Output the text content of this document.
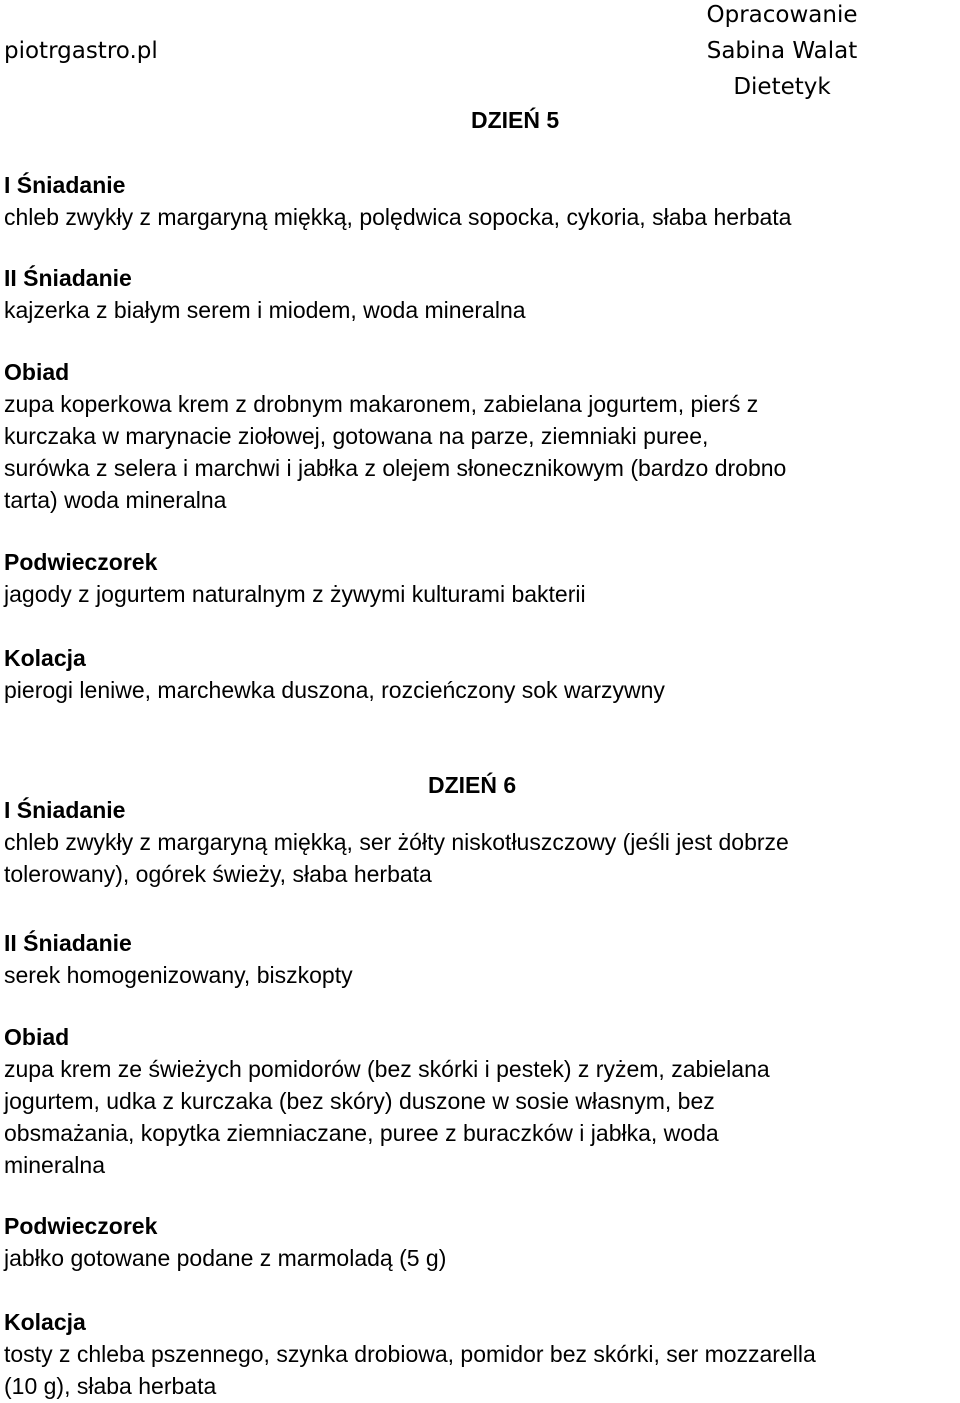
piotrgastro.pl
Opracowanie
Sabina Walat
Dietetyk
DZIEŃ 5
I Śniadanie
chleb zwykły z margaryną miękką, polędwica sopocka, cykoria, słaba herbata
II Śniadanie
kajzerka z białym serem i miodem, woda mineralna
Obiad
zupa koperkowa krem z drobnym makaronem, zabielana jogurtem, pierś z
kurczaka w marynacie ziołowej, gotowana na parze, ziemniaki puree,
surówka z selera i marchwi i jabłka z olejem słonecznikowym (bardzo drobno
tarta) woda mineralna
Podwieczorek
jagody z jogurtem naturalnym z żywymi kulturami bakterii
Kolacja
pierogi leniwe, marchewka duszona, rozcieńczony sok warzywny
DZIEŃ 6
I Śniadanie
chleb zwykły z margaryną miękką, ser żółty niskotłuszczowy (jeśli jest dobrze
tolerowany), ogórek świeży, słaba herbata
II Śniadanie
serek homogenizowany, biszkopty
Obiad
zupa krem ze świeżych pomidorów (bez skórki i pestek) z ryżem, zabielana
jogurtem, udka z kurczaka (bez skóry) duszone w sosie własnym, bez
obsmażania, kopytka ziemniaczane, puree z buraczków i jabłka, woda
mineralna
Podwieczorek
jabłko gotowane podane z marmoladą (5 g)
Kolacja
tosty z chleba pszennego, szynka drobiowa, pomidor bez skórki, ser mozzarella
(10 g), słaba herbata
